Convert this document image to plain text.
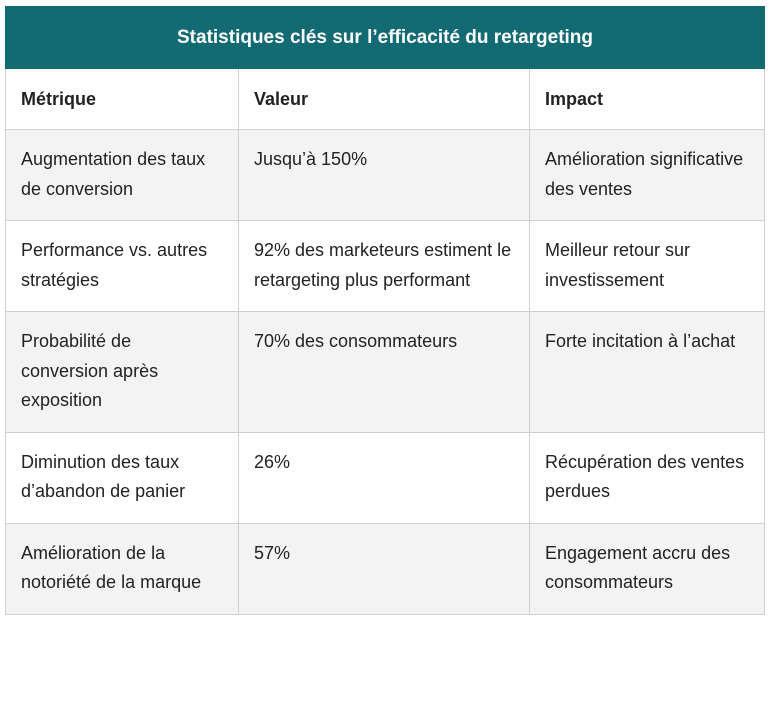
Statistiques clés sur l’efficacité du retargeting		
Métrique	Valeur	Impact
Augmentation des taux de conversion	Jusqu’à 150%	Amélioration significative des ventes
Performance vs. autres stratégies	92% des marketeurs estiment le retargeting plus performant	Meilleur retour sur investissement
Probabilité de conversion après exposition	70% des consommateurs	Forte incitation à l’achat
Diminution des taux d’abandon de panier	26%	Récupération des ventes perdues
Amélioration de la notoriété de la marque	57%	Engagement accru des consommateurs
